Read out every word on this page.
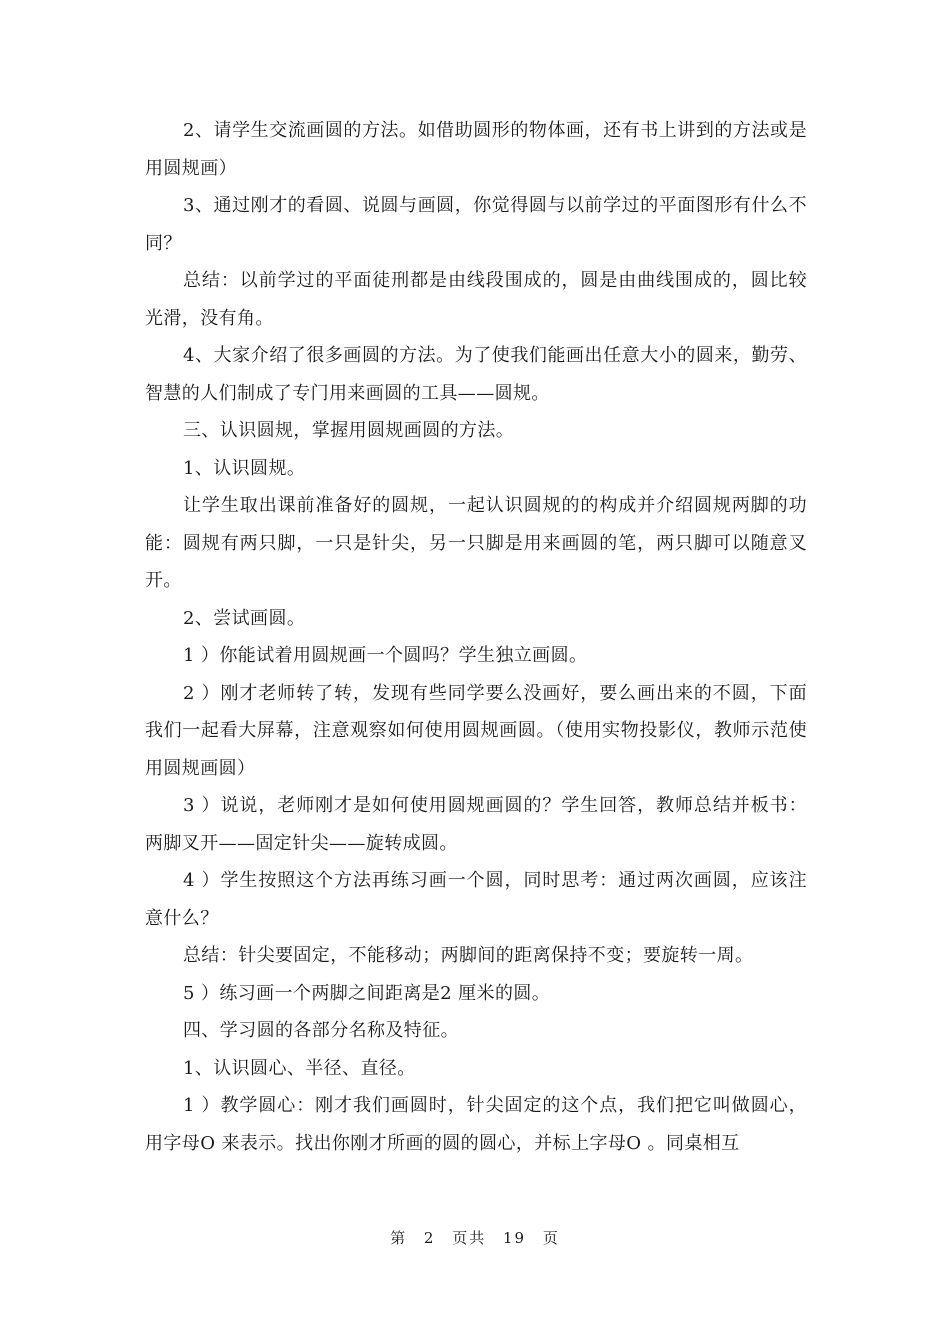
2、请学生交流画圆的方法。如借助圆形的物体画，还有书上讲到的方法或是用圆规画）

3、通过刚才的看圆、说圆与画圆，你觉得圆与以前学过的平面图形有什么不同？

总结：以前学过的平面徒刑都是由线段围成的，圆是由曲线围成的，圆比较光滑，没有角。

4、大家介绍了很多画圆的方法。为了使我们能画出任意大小的圆来，勤劳、智慧的人们制成了专门用来画圆的工具——圆规。

三、认识圆规，掌握用圆规画圆的方法。

1、认识圆规。

让学生取出课前准备好的圆规，一起认识圆规的的构成并介绍圆规两脚的功能：圆规有两只脚，一只是针尖，另一只脚是用来画圆的笔，两只脚可以随意叉开。

2、尝试画圆。

1 ）你能试着用圆规画一个圆吗？学生独立画圆。

2 ）刚才老师转了转，发现有些同学要么没画好，要么画出来的不圆，下面我们一起看大屏幕，注意观察如何使用圆规画圆。（使用实物投影仪，教师示范使用圆规画圆）

3 ）说说，老师刚才是如何使用圆规画圆的？学生回答，教师总结并板书：两脚叉开——固定针尖——旋转成圆。

4 ）学生按照这个方法再练习画一个圆，同时思考：通过两次画圆，应该注意什么？

总结：针尖要固定，不能移动；两脚间的距离保持不变；要旋转一周。

5 ）练习画一个两脚之间距离是2 厘米的圆。

四、学习圆的各部分名称及特征。

1、认识圆心、半径、直径。

1 ）教学圆心：刚才我们画圆时，针尖固定的这个点，我们把它叫做圆心，用字母O 来表示。找出你刚才所画的圆的圆心，并标上字母O 。同桌相互

第 2 页共 19 页
